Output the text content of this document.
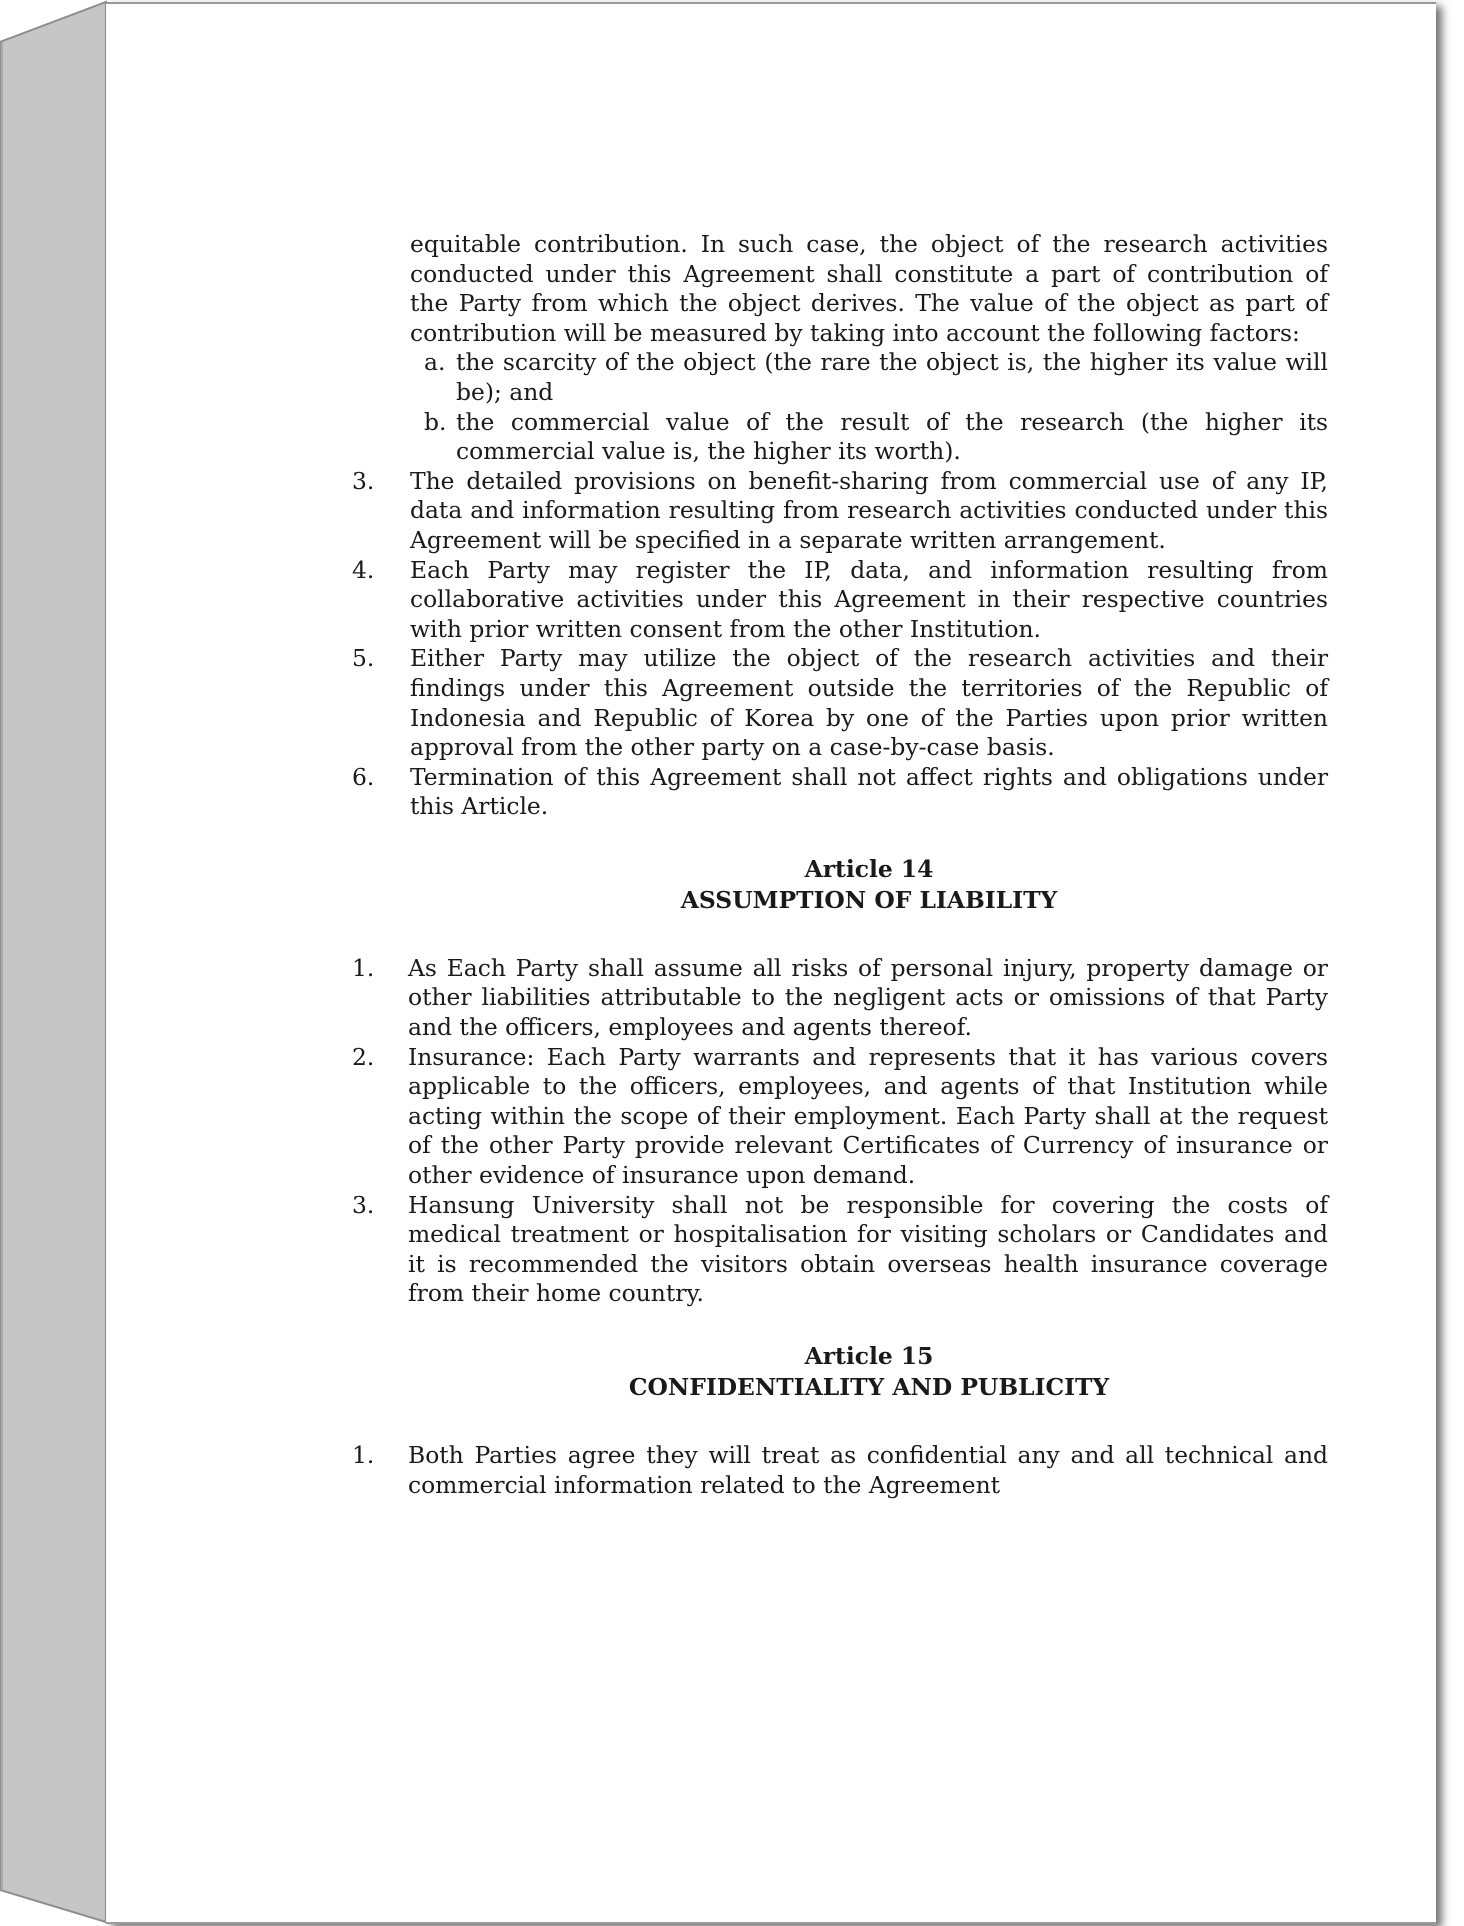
equitable contribution. In such case, the object of the research activities conducted under this Agreement shall constitute a part of contribution of the Party from which the object derives. The value of the object as part of contribution will be measured by taking into account the following factors:
a. the scarcity of the object (the rare the object is, the higher its value will be); and
b. the commercial value of the result of the research (the higher its commercial value is, the higher its worth).
3. The detailed provisions on benefit-sharing from commercial use of any IP, data and information resulting from research activities conducted under this Agreement will be specified in a separate written arrangement.
4. Each Party may register the IP, data, and information resulting from collaborative activities under this Agreement in their respective countries with prior written consent from the other Institution.
5. Either Party may utilize the object of the research activities and their findings under this Agreement outside the territories of the Republic of Indonesia and Republic of Korea by one of the Parties upon prior written approval from the other party on a case-by-case basis.
6. Termination of this Agreement shall not affect rights and obligations under this Article.
Article 14
ASSUMPTION OF LIABILITY
1. As Each Party shall assume all risks of personal injury, property damage or other liabilities attributable to the negligent acts or omissions of that Party and the officers, employees and agents thereof.
2. Insurance: Each Party warrants and represents that it has various covers applicable to the officers, employees, and agents of that Institution while acting within the scope of their employment. Each Party shall at the request of the other Party provide relevant Certificates of Currency of insurance or other evidence of insurance upon demand.
3. Hansung University shall not be responsible for covering the costs of medical treatment or hospitalisation for visiting scholars or Candidates and it is recommended the visitors obtain overseas health insurance coverage from their home country.
Article 15
CONFIDENTIALITY AND PUBLICITY
1. Both Parties agree they will treat as confidential any and all technical and commercial information related to the Agreement
